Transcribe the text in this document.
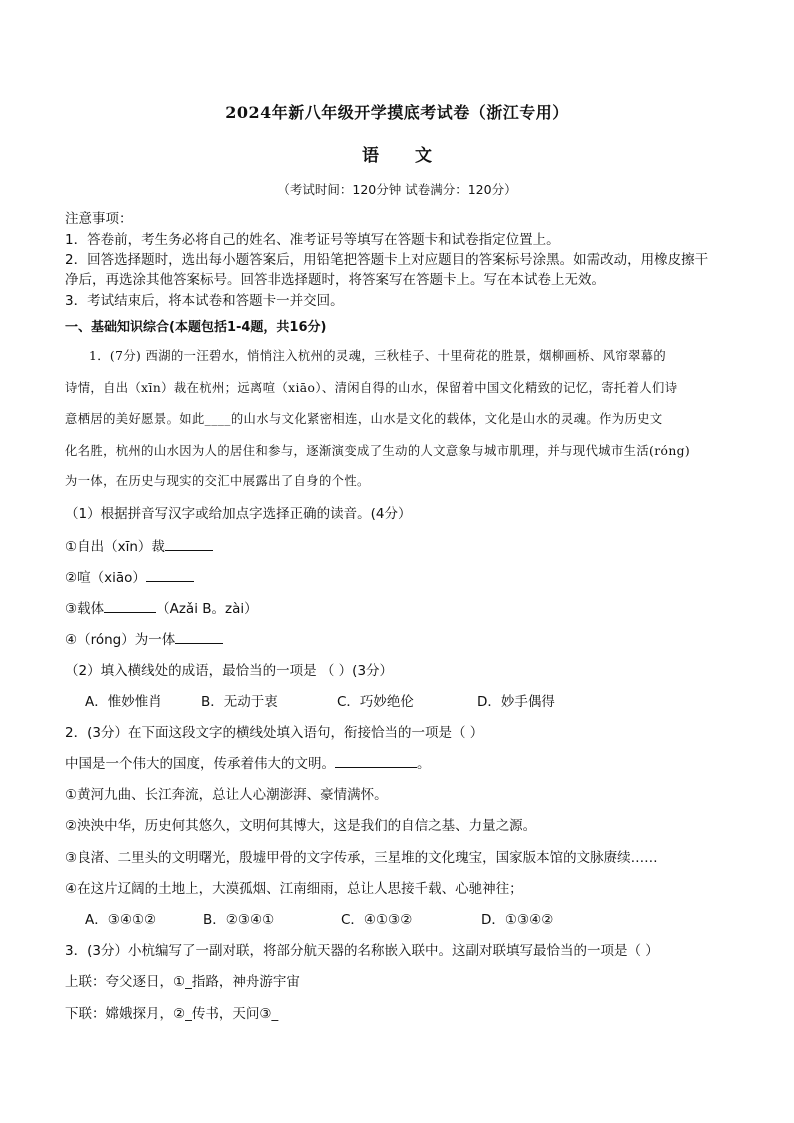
2024年新八年级开学摸底考试卷（浙江专用）
语文
（考试时间：120分钟 试卷满分：120分）
注意事项：
1．答卷前，考生务必将自己的姓名、准考证号等填写在答题卡和试卷指定位置上。
2．回答选择题时，选出每小题答案后，用铅笔把答题卡上对应题目的答案标号涂黑。如需改动，用橡皮擦干
净后，再选涂其他答案标号。回答非选择题时，将答案写在答题卡上。写在本试卷上无效。
3．考试结束后，将本试卷和答题卡一并交回。
一、基础知识综合(本题包括1-4题，共16分)
1．(7分) 西湖的一汪碧水，悄悄注入杭州的灵魂，三秋桂子、十里荷花的胜景，烟柳画桥、风帘翠幕的
诗情，自出（xīn）裁在杭州；远离喧（xiāo）、清闲自得的山水，保留着中国文化精致的记忆，寄托着人们诗
意栖居的美好愿景。如此____的山水与文化紧密相连，山水是文化的载体，文化是山水的灵魂。作为历史文
化名胜，杭州的山水因为人的居住和参与，逐渐演变成了生动的人文意象与城市肌理，并与现代城市生活(róng)
为一体，在历史与现实的交汇中展露出了自身的个性。
（1）根据拼音写汉字或给加点字选择正确的读音。(4分）
①自出（xīn）裁
②喧（xiāo）
③载体	（Azǎi B。zài）
④（róng）为一体
（2）填入横线处的成语，最恰当的一项是 （ ）(3分）
A．惟妙惟肖	B．无动于衷	C．巧妙绝伦	D．妙手偶得
2．(3分）在下面这段文字的横线处填入语句，衔接恰当的一项是（ ）
中国是一个伟大的国度，传承着伟大的文明。	。
①黄河九曲、长江奔流，总让人心潮澎湃、豪情满怀。
②泱泱中华，历史何其悠久，文明何其博大，这是我们的自信之基、力量之源。
③良渚、二里头的文明曙光，殷墟甲骨的文字传承，三星堆的文化瑰宝，国家版本馆的文脉赓续……
④在这片辽阔的土地上，大漠孤烟、江南细雨，总让人思接千载、心驰神往；
A．③④①②	B．②③④①	C．④①③②	D．①③④②
3．(3分）小杭编写了一副对联，将部分航天器的名称嵌入联中。这副对联填写最恰当的一项是（ ）
上联：夸父逐日，①_指路，神舟游宇宙
下联：嫦娥探月，②_传书，天问③_
